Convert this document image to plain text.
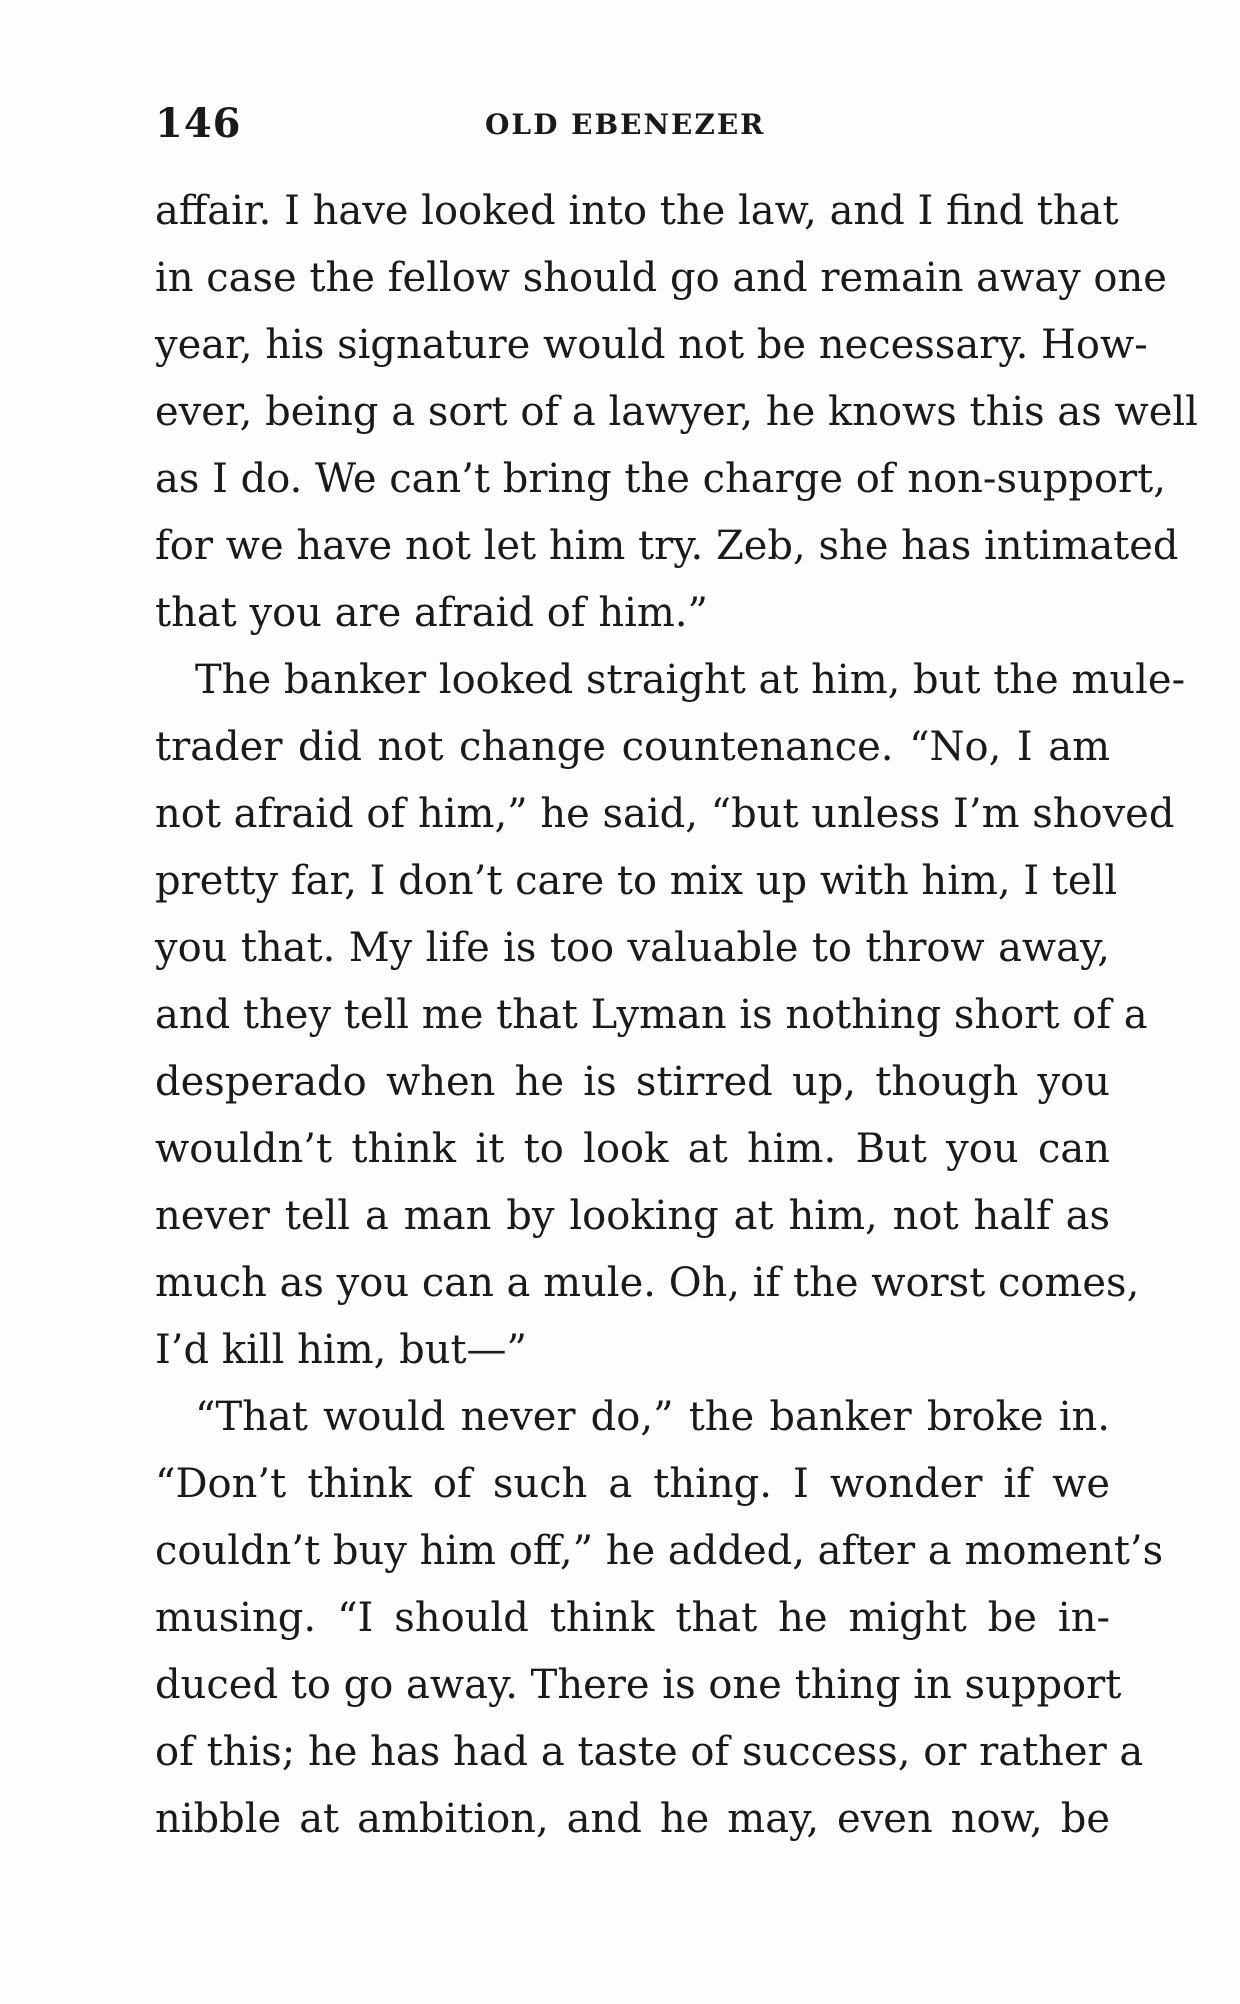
146	OLD EBENEZER
affair. I have looked into the law, and I find that
in case the fellow should go and remain away one
year, his signature would not be necessary. How-
ever, being a sort of a lawyer, he knows this as well
as I do. We can’t bring the charge of non-support,
for we have not let him try. Zeb, she has intimated
that you are afraid of him.”
The banker looked straight at him, but the mule-
trader did not change countenance. “No, I am
not afraid of him,” he said, “but unless I’m shoved
pretty far, I don’t care to mix up with him, I tell
you that. My life is too valuable to throw away,
and they tell me that Lyman is nothing short of a
desperado when he is stirred up, though you
wouldn’t think it to look at him. But you can
never tell a man by looking at him, not half as
much as you can a mule. Oh, if the worst comes,
I’d kill him, but—”
“That would never do,” the banker broke in.
“Don’t think of such a thing. I wonder if we
couldn’t buy him off,” he added, after a moment’s
musing. “I should think that he might be in-
duced to go away. There is one thing in support
of this; he has had a taste of success, or rather a
nibble at ambition, and he may, even now, be
